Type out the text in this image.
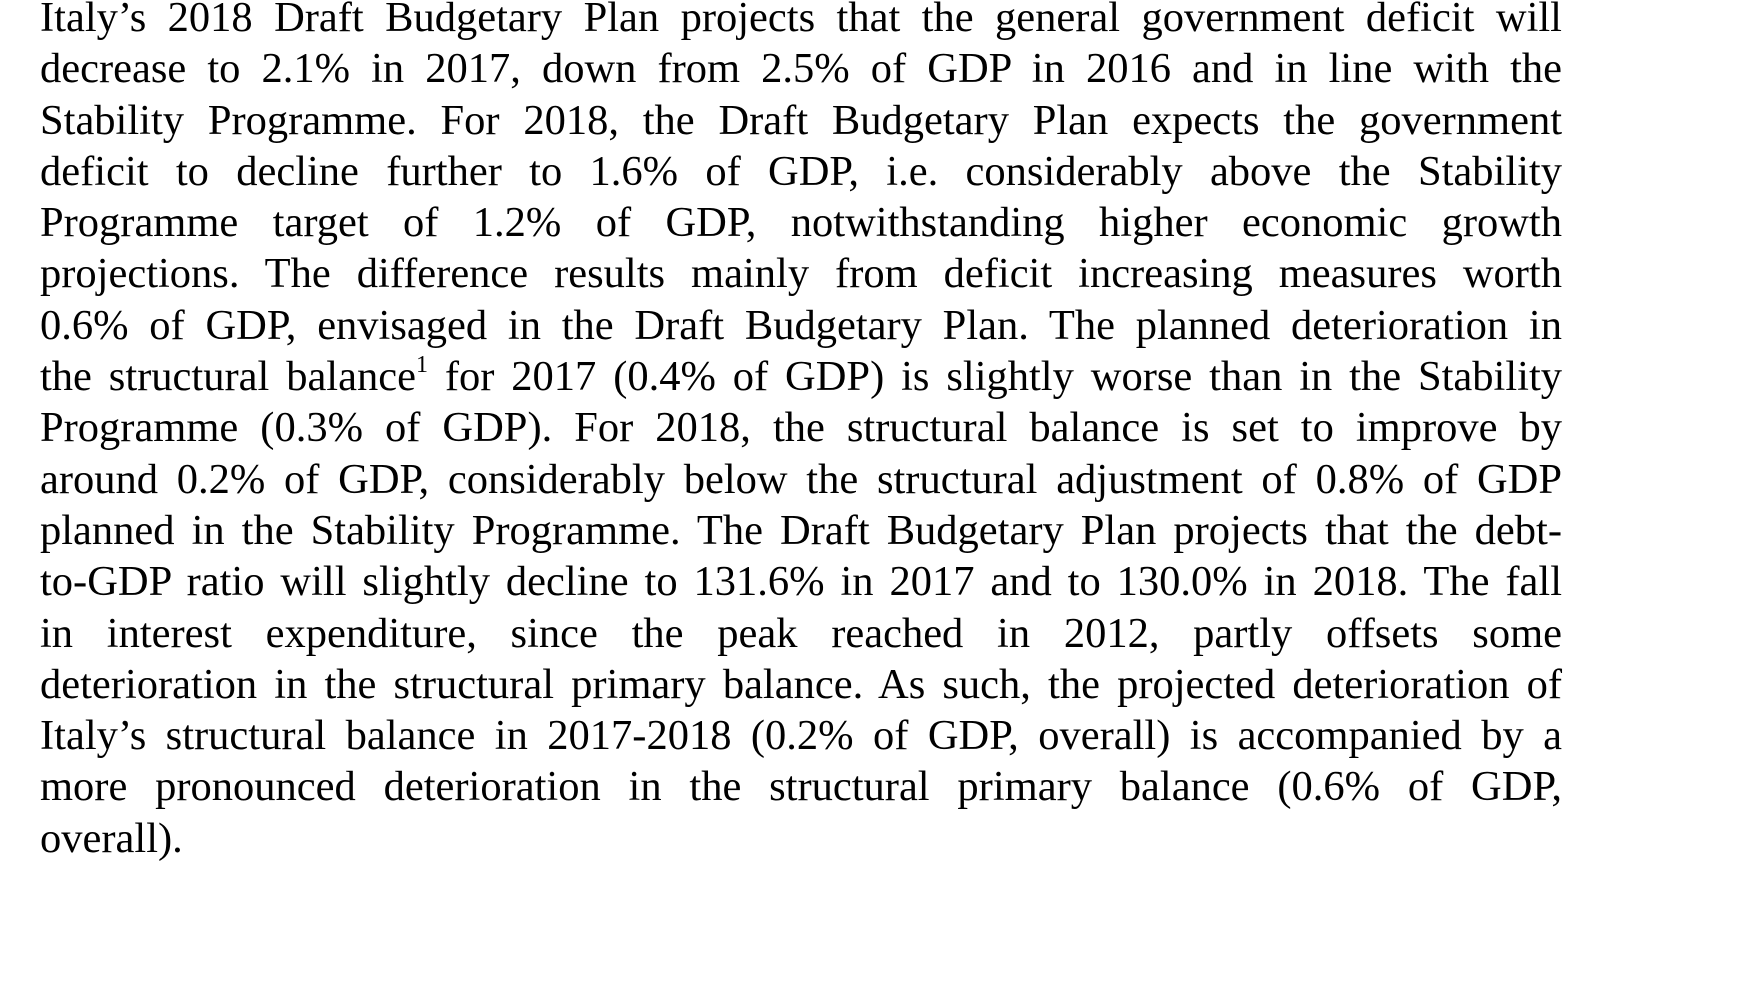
Italy’s 2018 Draft Budgetary Plan projects that the general government deficit will
decrease to 2.1% in 2017, down from 2.5% of GDP in 2016 and in line with the
Stability Programme. For 2018, the Draft Budgetary Plan expects the government
deficit to decline further to 1.6% of GDP, i.e. considerably above the Stability
Programme target of 1.2% of GDP, notwithstanding higher economic growth
projections. The difference results mainly from deficit increasing measures worth
0.6% of GDP, envisaged in the Draft Budgetary Plan. The planned deterioration in
the structural balance$^1$ for 2017 (0.4% of GDP) is slightly worse than in the Stability
Programme (0.3% of GDP). For 2018, the structural balance is set to improve by
around 0.2% of GDP, considerably below the structural adjustment of 0.8% of GDP
planned in the Stability Programme. The Draft Budgetary Plan projects that the debt-
to-GDP ratio will slightly decline to 131.6% in 2017 and to 130.0% in 2018. The fall
in interest expenditure, since the peak reached in 2012, partly offsets some
deterioration in the structural primary balance. As such, the projected deterioration of
Italy’s structural balance in 2017-2018 (0.2% of GDP, overall) is accompanied by a
more pronounced deterioration in the structural primary balance (0.6% of GDP,
overall).
